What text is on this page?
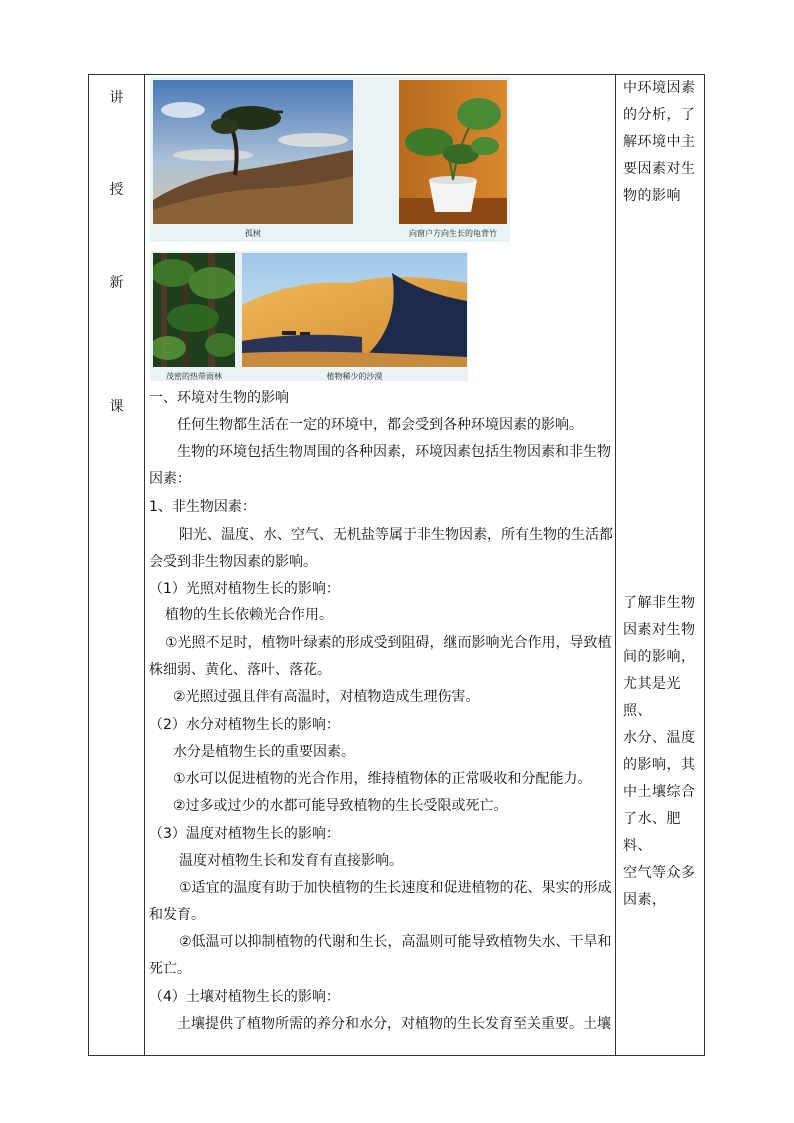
讲
授
新
课
孤树	向窗户方向生长的龟背竹
茂密的热带雨林	植物稀少的沙漠
一、环境对生物的影响
任何生物都生活在一定的环境中，都会受到各种环境因素的影响。
生物的环境包括生物周围的各种因素，环境因素包括生物因素和非生物
因素：
1、非生物因素：
阳光、温度、水、空气、无机盐等属于非生物因素，所有生物的生活都
会受到非生物因素的影响。
（1）光照对植物生长的影响：
植物的生长依赖光合作用。
①光照不足时，植物叶绿素的形成受到阻碍，继而影响光合作用，导致植
株细弱、黄化、落叶、落花。
②光照过强且伴有高温时，对植物造成生理伤害。
（2）水分对植物生长的影响：
水分是植物生长的重要因素。
①水可以促进植物的光合作用，维持植物体的正常吸收和分配能力。
②过多或过少的水都可能导致植物的生长受限或死亡。
（3）温度对植物生长的影响：
温度对植物生长和发育有直接影响。
①适宜的温度有助于加快植物的生长速度和促进植物的花、果实的形成
和发育。
②低温可以抑制植物的代谢和生长，高温则可能导致植物失水、干旱和
死亡。
（4）土壤对植物生长的影响：
土壤提供了植物所需的养分和水分，对植物的生长发育至关重要。土壤
中环境因素
的分析，了
解环境中主
要因素对生
物的影响
了解非生物
因素对生物
间的影响，
尤其是光照、
水分、温度
的影响，其
中土壤综合
了水、肥料、
空气等众多
因素，
